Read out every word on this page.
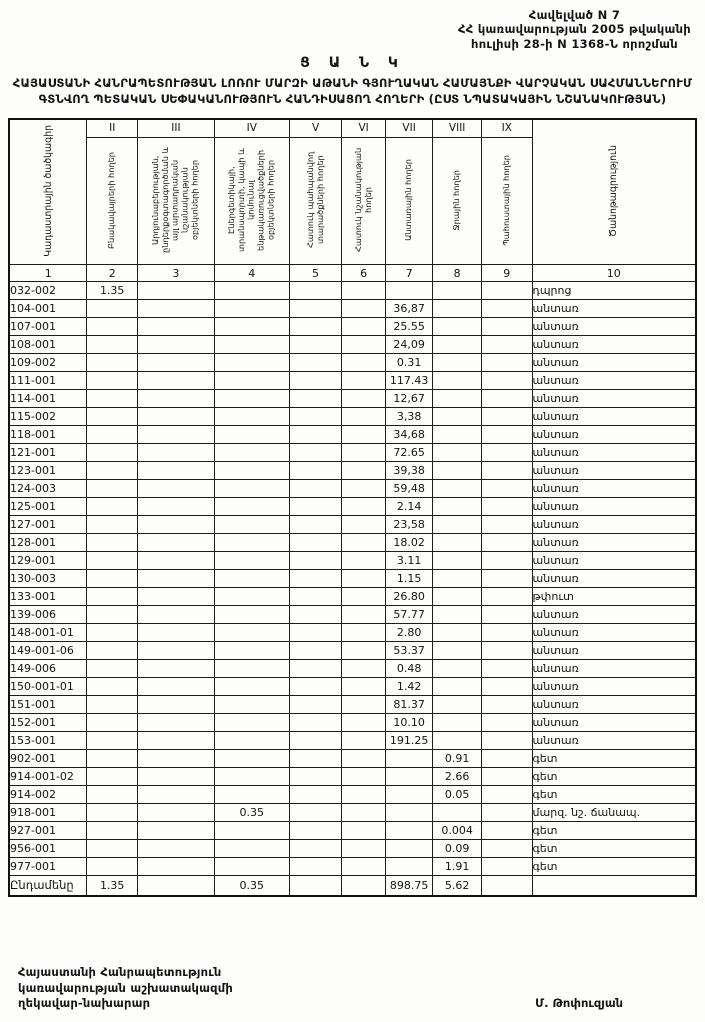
Հավելված N 7
ՀՀ կառավարության 2005 թվականի
հուլիսի 28-ի N 1368-Ն որոշման
Ց Ա Ն Կ
ՀԱՅԱՍՏԱՆԻ ՀԱՆՐԱՊԵՏՈՒԹՅԱՆ ԼՈՌՈՒ ՄԱՐԶԻ ԱԹԱՆԻ ԳՅՈՒՂԱԿԱՆ ՀԱՄԱՅՆՔԻ ՎԱՐՉԱԿԱՆ ՍԱՀՄԱՆՆԵՐՈՒՄ ԳՏՆՎՈՂ ՊԵՏԱԿԱՆ ՍԵՓԱԿԱՆՈՒԹՅՈՒՆ ՀԱՆԴԻՍԱՑՈՂ ՀՈՂԵՐԻ (ԸՍՏ ՆՊԱՏԱԿԱՅԻՆ ՆՇԱՆԱԿՈՒԹՅԱՆ)
Կադաստրային ծածկագիր	II	III	IV	V	VI	VII	VIII	IX	Ծանոթագրություն
	Բնակավայրերի հողեր	Արդյունաբերության, ընդերքօգտագործման և այլ արտադրական նշանակության օբյեկտների հողեր	Էներգետիկայի, տրանսպորտի, կապի և կոմունալ ենթակառուցվածքների օբյեկտների հողեր	Հատուկ պահպանվող տարածքների հողեր	Հատուկ նշանակության հողեր	Անտառային հողեր	Ջրային հողեր	Պահուստային հողեր	
1	2	3	4	5	6	7	8	9	10
032-002	1.35								դպրոց
104-001						36,87			անտառ
107-001						25.55			անտառ
108-001						24,09			անտառ
109-002						0.31			անտառ
111-001						117.43			անտառ
114-001						12,67			անտառ
115-002						3,38			անտառ
118-001						34,68			անտառ
121-001						72.65			անտառ
123-001						39,38			անտառ
124-003						59,48			անտառ
125-001						2.14			անտառ
127-001						23,58			անտառ
128-001						18.02			անտառ
129-001						3.11			անտառ
130-003						1.15			անտառ
133-001						26.80			թփուտ
139-006						57.77			անտառ
148-001-01						2.80			անտառ
149-001-06						53.37			անտառ
149-006						0.48			անտառ
150-001-01						1.42			անտառ
151-001						81.37			անտառ
152-001						10.10			անտառ
153-001						191.25			անտառ
902-001							0.91		գետ
914-001-02							2.66		գետ
914-002							0.05		գետ
918-001			0.35						մարզ. նշ. ճանապ.
927-001							0.004		գետ
956-001							0.09		գետ
977-001							1.91		գետ
Ընդամենը	1.35		0.35			898.75	5.62		
Հայաստանի Հանրապետություն
կառավարության աշխատակազմի
ղեկավար-նախարար	Մ. Թոփուզյան
